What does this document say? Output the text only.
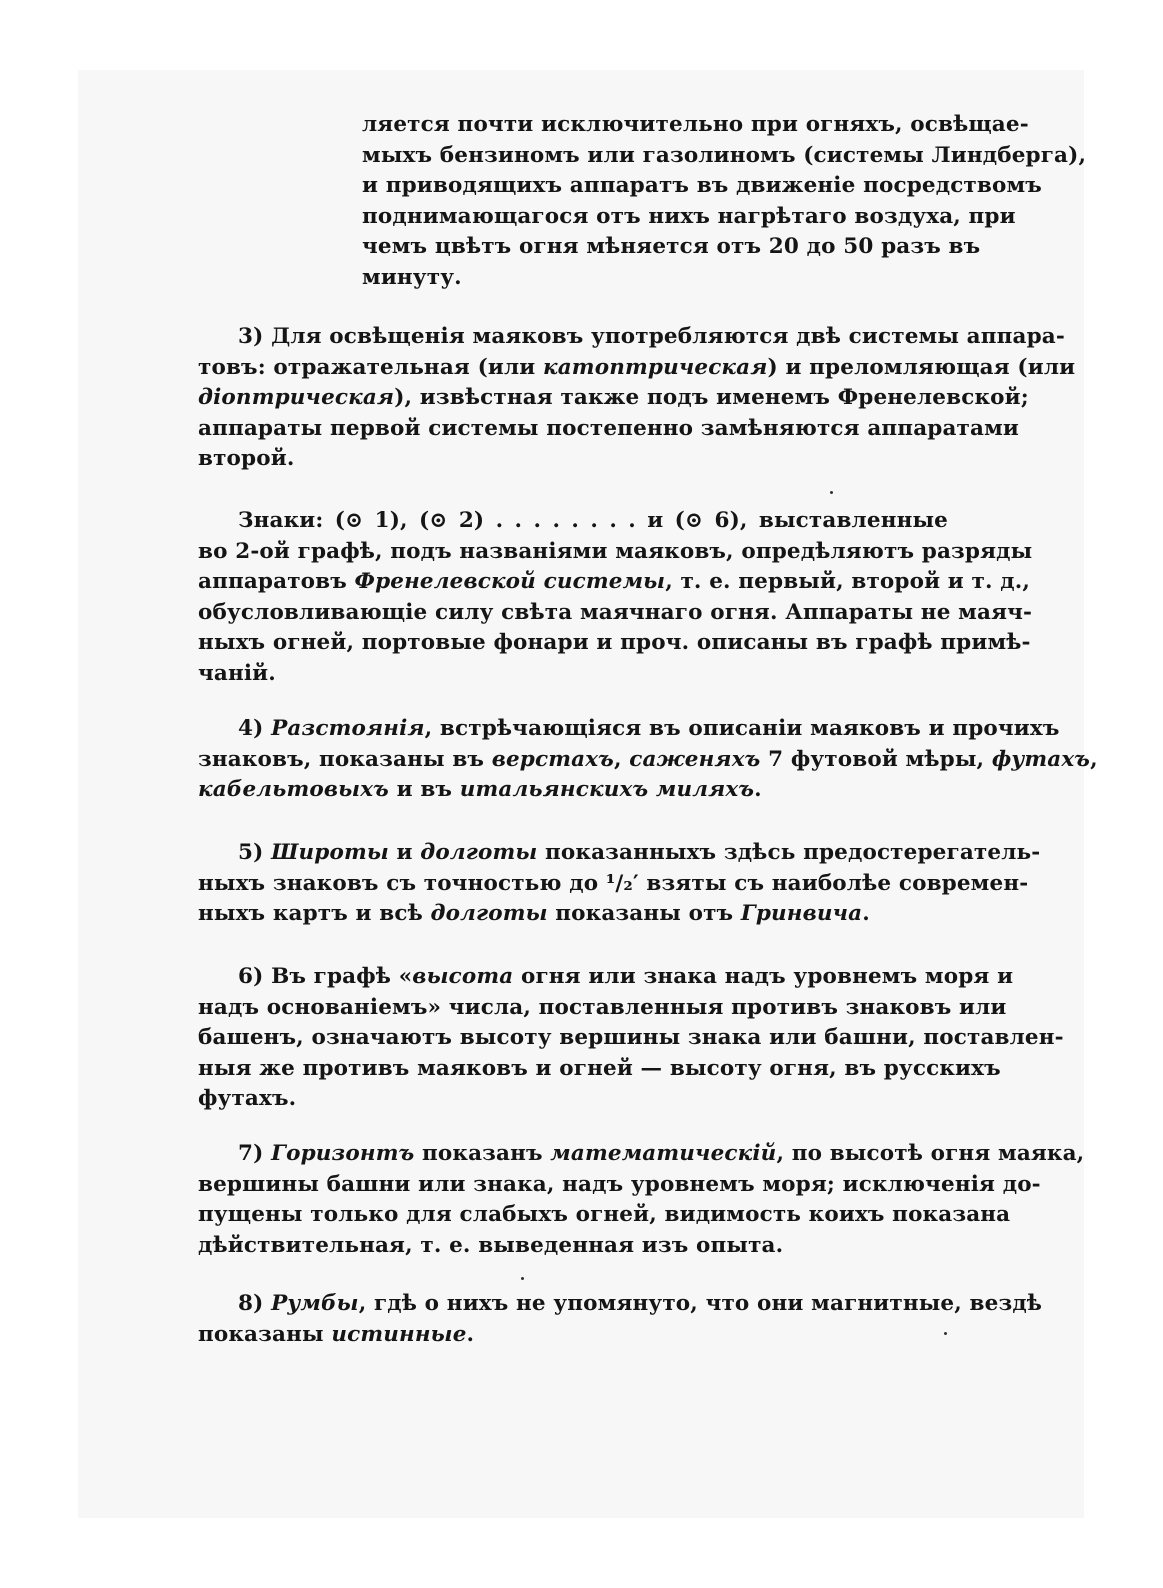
ляется почти исключительно при огняхъ, освѣщае-
мыхъ бензиномъ или газолиномъ (системы Линдберга),
и приводящихъ аппаратъ въ движеніе посредствомъ
поднимающагося отъ нихъ нагрѣтаго воздуха, при
чемъ цвѣтъ огня мѣняется отъ 20 до 50 разъ въ
минуту.
3) Для освѣщенія маяковъ употребляются двѣ системы аппара-
товъ: отражательная (или катоптрическая) и преломляющая (или
діоптрическая), извѣстная также подъ именемъ Френелевской;
аппараты первой системы постепенно замѣняются аппаратами
второй.
Знаки: (⊙ 1), (⊙ 2) . . . . . . . . и (⊙ 6), выставленные
во 2-ой графѣ, подъ названіями маяковъ, опредѣляютъ разряды
аппаратовъ Френелевской системы, т. е. первый, второй и т. д.,
обусловливающіе силу свѣта маячнаго огня. Аппараты не маяч-
ныхъ огней, портовые фонари и проч. описаны въ графѣ примѣ-
чаній.
4) Разстоянія, встрѣчающіяся въ описаніи маяковъ и прочихъ
знаковъ, показаны въ верстахъ, саженяхъ 7 футовой мѣры, футахъ,
кабельтовыхъ и въ итальянскихъ миляхъ.
5) Широты и долготы показанныхъ здѣсь предостерегатель-
ныхъ знаковъ съ точностью до ¹/₂′ взяты съ наиболѣе современ-
ныхъ картъ и всѣ долготы показаны отъ Гринвича.
6) Въ графѣ «высота огня или знака надъ уровнемъ моря и
надъ основаніемъ» числа, поставленныя противъ знаковъ или
башенъ, означаютъ высоту вершины знака или башни, поставлен-
ныя же противъ маяковъ и огней — высоту огня, въ русскихъ
футахъ.
7) Горизонтъ показанъ математическій, по высотѣ огня маяка,
вершины башни или знака, надъ уровнемъ моря; исключенія до-
пущены только для слабыхъ огней, видимость коихъ показана
дѣйствительная, т. е. выведенная изъ опыта.
8) Румбы, гдѣ о нихъ не упомянуто, что они магнитные, вездѣ
показаны истинные.
